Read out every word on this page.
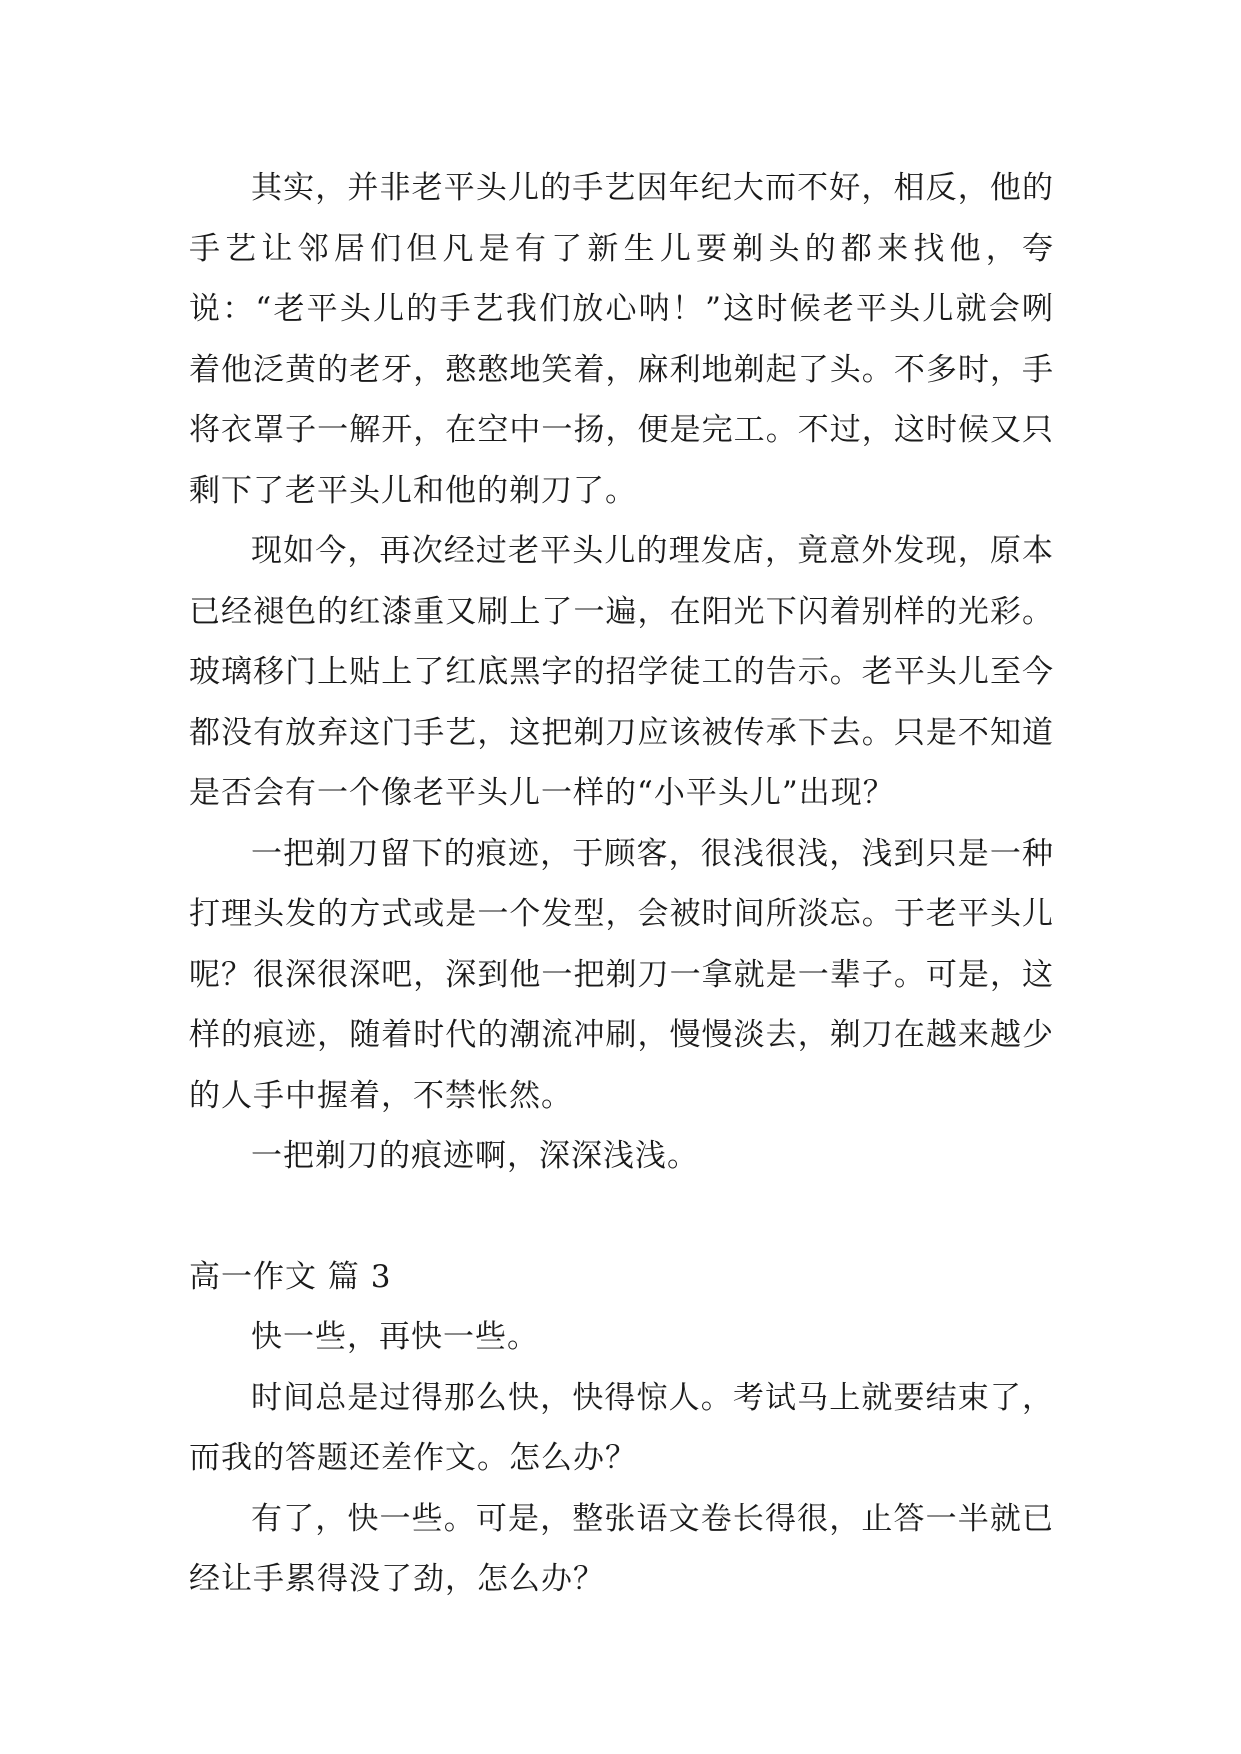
其实，并非老平头儿的手艺因年纪大而不好，相反，他的手艺让邻居们但凡是有了新生儿要剃头的都来找他，夸说：“老平头儿的手艺我们放心呐！”这时候老平头儿就会咧着他泛黄的老牙，憨憨地笑着，麻利地剃起了头。不多时，手将衣罩子一解开，在空中一扬，便是完工。不过，这时候又只剩下了老平头儿和他的剃刀了。

现如今，再次经过老平头儿的理发店，竟意外发现，原本已经褪色的红漆重又刷上了一遍，在阳光下闪着别样的光彩。玻璃移门上贴上了红底黑字的招学徒工的告示。老平头儿至今都没有放弃这门手艺，这把剃刀应该被传承下去。只是不知道是否会有一个像老平头儿一样的“小平头儿”出现？

一把剃刀留下的痕迹，于顾客，很浅很浅，浅到只是一种打理头发的方式或是一个发型，会被时间所淡忘。于老平头儿呢？很深很深吧，深到他一把剃刀一拿就是一辈子。可是，这样的痕迹，随着时代的潮流冲刷，慢慢淡去，剃刀在越来越少的人手中握着，不禁怅然。

一把剃刀的痕迹啊，深深浅浅。

高一作文 篇 3

快一些，再快一些。

时间总是过得那么快，快得惊人。考试马上就要结束了，而我的答题还差作文。怎么办？

有了，快一些。可是，整张语文卷长得很，止答一半就已经让手累得没了劲，怎么办？
